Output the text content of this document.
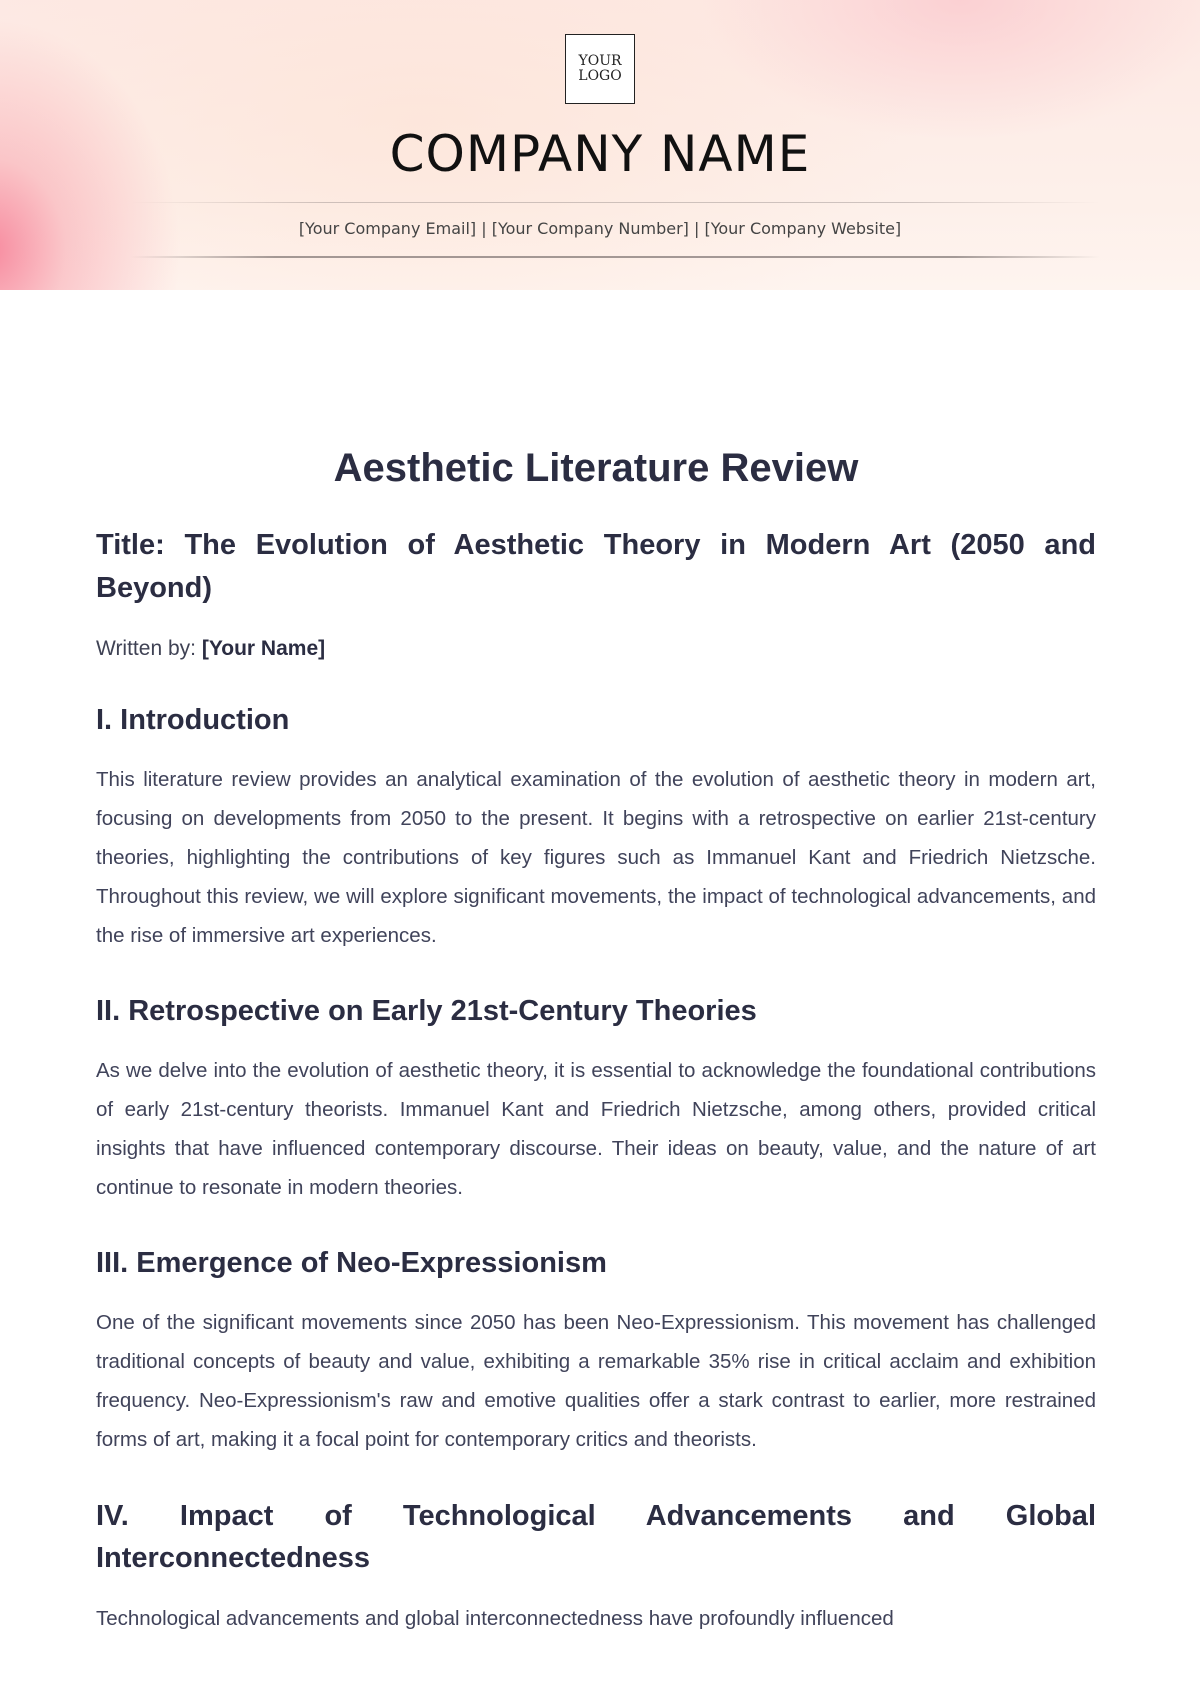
YOUR
LOGO
COMPANY NAME
[Your Company Email] | [Your Company Number] | [Your Company Website]
Aesthetic Literature Review
Title: The Evolution of Aesthetic Theory in Modern Art (2050 and Beyond)

Written by: [Your Name]

I. Introduction

This literature review provides an analytical examination of the evolution of aesthetic theory in modern art, focusing on developments from 2050 to the present. It begins with a retrospective on earlier 21st-century theories, highlighting the contributions of key figures such as Immanuel Kant and Friedrich Nietzsche. Throughout this review, we will explore significant movements, the impact of technological advancements, and the rise of immersive art experiences.

II. Retrospective on Early 21st-Century Theories

As we delve into the evolution of aesthetic theory, it is essential to acknowledge the foundational contributions of early 21st-century theorists. Immanuel Kant and Friedrich Nietzsche, among others, provided critical insights that have influenced contemporary discourse. Their ideas on beauty, value, and the nature of art continue to resonate in modern theories.

III. Emergence of Neo-Expressionism

One of the significant movements since 2050 has been Neo-Expressionism. This movement has challenged traditional concepts of beauty and value, exhibiting a remarkable 35% rise in critical acclaim and exhibition frequency. Neo-Expressionism's raw and emotive qualities offer a stark contrast to earlier, more restrained forms of art, making it a focal point for contemporary critics and theorists.

IV. Impact of Technological Advancements and Global Interconnectedness

Technological advancements and global interconnectedness have profoundly influenced
